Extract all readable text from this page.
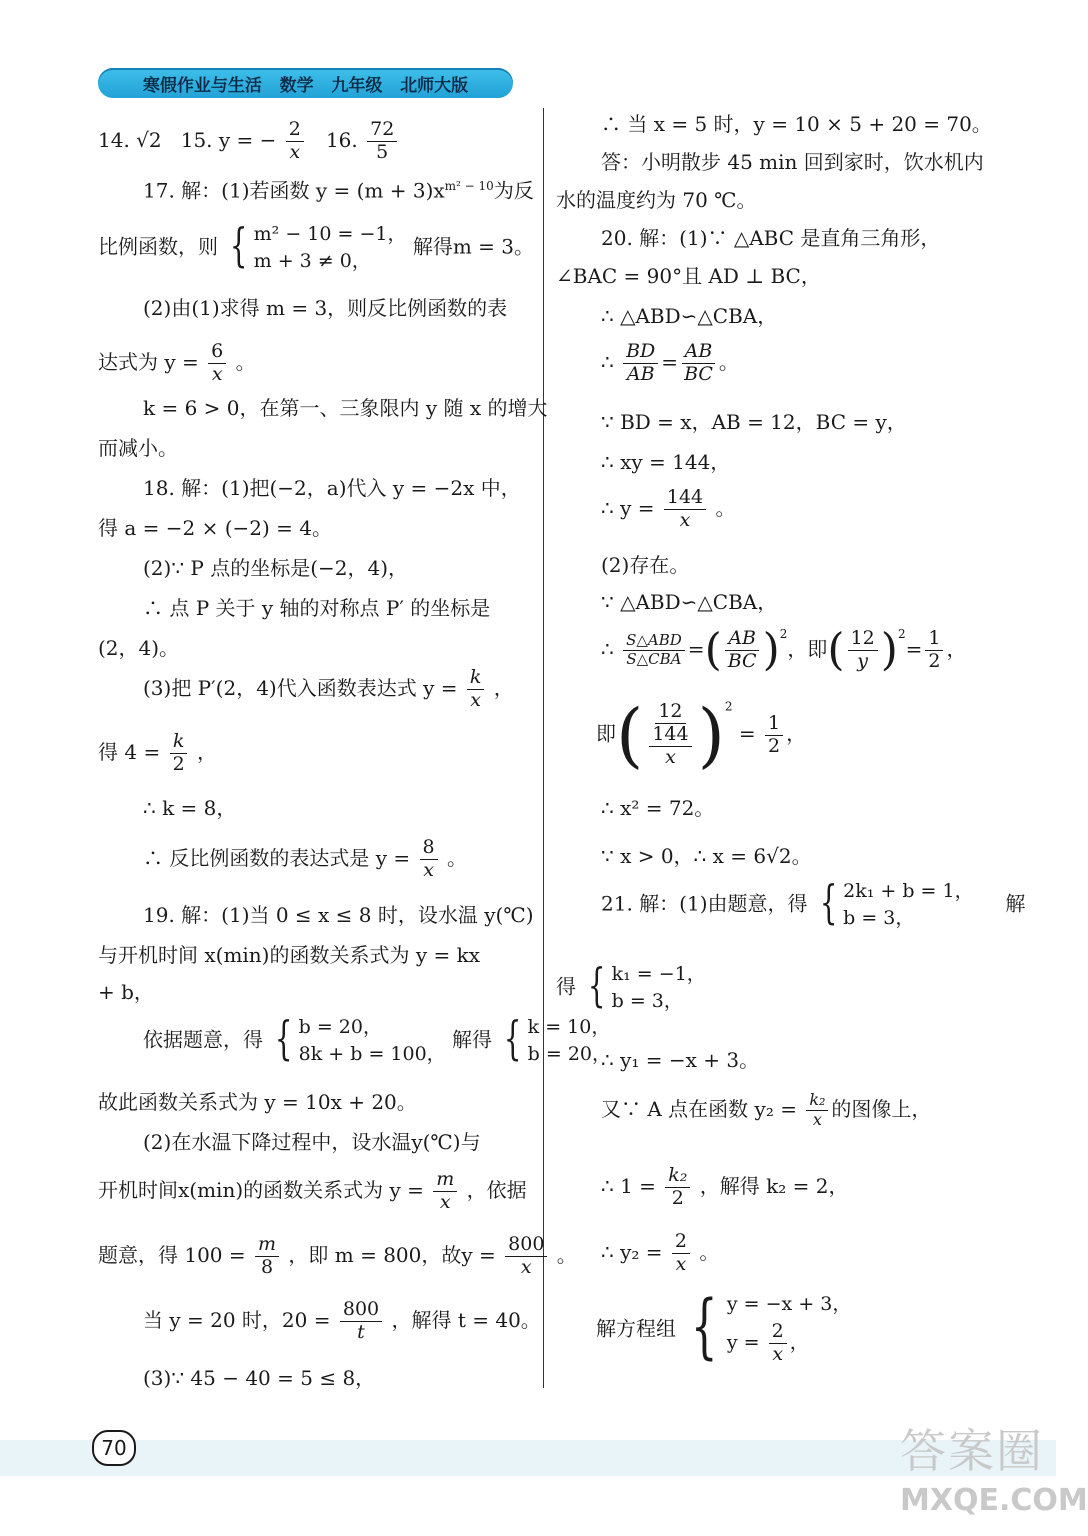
寒假作业与生活   数学   九年级   北师大版
14. √2 15. y = − $\frac{2}{x} 16$. $\frac{72}{5}$
17. 解：(1)若函数 $y = (m + 3)x^{m^2 - 10}$为反
比例函数，则 { m² − 10 = −1，
m + 3 ≠ 0，
解得m = 3。
(2)由(1)求得 m = 3，则反比例函数的表
达式为 $y = \frac{6}{x}$ 。
k = 6 > 0，在第一、三象限内 y 随 x 的增大
而减小。
18. 解：(1)把(−2，a)代入 y = −2x 中，
得 a = −2 × (−2) = 4。
(2)∵ P 点的坐标是(−2，4)，
∴ 点 P 关于 y 轴的对称点 P′ 的坐标是
(2，4)。
(3)把 P′(2，4)代入函数表达式 $y = \frac{k}{x}$ ，
得 $4 = \frac{k}{2}$ ，
∴ k = 8，
∴ 反比例函数的表达式是 $y = \frac{8}{x}$ 。
19. 解：(1)当 0 ≤ x ≤ 8 时，设水温 y(℃)
与开机时间 x(min)的函数关系式为 y = kx
+ b，
依据题意，得 { b = 20，
8k + b = 100，
解得 { k = 10，
b = 20，
故此函数关系式为 y = 10x + 20。
(2)在水温下降过程中，设水温y(℃)与
开机时间x(min)的函数关系式为 $y = \frac{m}{x}$ ，依据
题意，得 $100 = \frac{m}{8}$ ，即 m = 800，故$y = \frac{800}{x}$ 。
当 y = 20 时，$20 = \frac{800}{t}$ ，解得 t = 40。
(3)∵ 45 − 40 = 5 ≤ 8，
∴ 当 x = 5 时，y = 10 × 5 + 20 = 70。
答：小明散步 45 min 回到家时，饮水机内
水的温度约为 70 ℃。
20. 解：(1)∵ △ABC 是直角三角形，
∠BAC = 90°且 AD ⊥ BC，
∴ △ABD∽△CBA，
∴ $\frac{BD}{AB} = \frac{AB}{BC}$ 。
∵ BD = x，AB = 12，BC = y，
∴ xy = 144，
∴ $y = \frac{144}{x}$ 。
(2)存在。
∵ △ABD∽△CBA，
∴ $\frac{\text{S△ABD}}{\text{S△CBA}}$ =( $\frac{AB}{BC} )^2$，即( $\frac{12}{y} )^2= \frac{1}{2}$ ，
即( $\frac{12}{\frac{144}{x}} )^2 = \frac{1}{2}$ ，
∴ x² = 72。
∵ x > 0，∴ x = 6√2。
21. 解：(1)由题意，得 { 2k₁ + b = 1，
b = 3，
解
得 { k₁ = −1，
b = 3，
∴ y₁ = −x + 3。
又∵ A 点在函数 $y_2 = \frac{\text{k₂}}{x}$ 的图像上，
∴ $1 = \frac{\text{k₂}}{2}$ ，解得 k₂ = 2，
∴ $y_2 = \frac{2}{x}$ 。
解方程组 { y = −x + 3，
$y = \frac{2}{x}$ ，
70	答案圈
MXQE.COM
